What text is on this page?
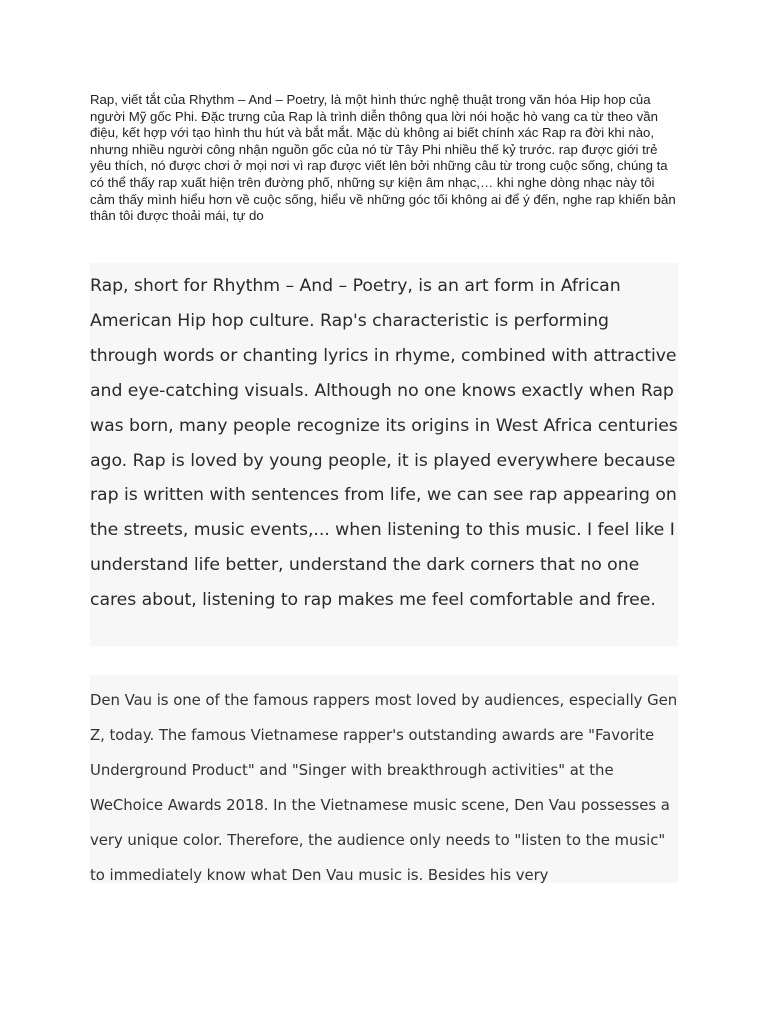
Rap, viết tắt của Rhythm – And – Poetry, là một hình thức nghệ thuật trong văn hóa Hip hop của người Mỹ gốc Phi. Đặc trưng của Rap là trình diễn thông qua lời nói hoặc hò vang ca từ theo vần điệu, kết hợp với tạo hình thu hút và bắt mắt. Mặc dù không ai biết chính xác Rap ra đời khi nào, nhưng nhiều người công nhận nguồn gốc của nó từ Tây Phi nhiều thế kỷ trước. rap được giới trẻ yêu thích, nó được chơi ở mọi nơi vì rap được viết lên bởi những câu từ trong cuộc sống, chúng ta có thể thấy rap xuất hiện trên đường phố, những sự kiện âm nhạc,… khi nghe dòng nhạc này tôi cảm thấy mình hiểu hơn về cuộc sống, hiểu về những góc tối không ai để ý đến, nghe rap khiến bản thân tôi được thoải mái, tự do

Rap, short for Rhythm – And – Poetry, is an art form in African American Hip hop culture. Rap's characteristic is performing through words or chanting lyrics in rhyme, combined with attractive and eye-catching visuals. Although no one knows exactly when Rap was born, many people recognize its origins in West Africa centuries ago. Rap is loved by young people, it is played everywhere because rap is written with sentences from life, we can see rap appearing on the streets, music events,... when listening to this music. I feel like I understand life better, understand the dark corners that no one cares about, listening to rap makes me feel comfortable and free.

Den Vau is one of the famous rappers most loved by audiences, especially Gen Z, today. The famous Vietnamese rapper's outstanding awards are "Favorite Underground Product" and "Singer with breakthrough activities" at the WeChoice Awards 2018. In the Vietnamese music scene, Den Vau possesses a very unique color. Therefore, the audience only needs to "listen to the music" to immediately know what Den Vau music is. Besides his very
